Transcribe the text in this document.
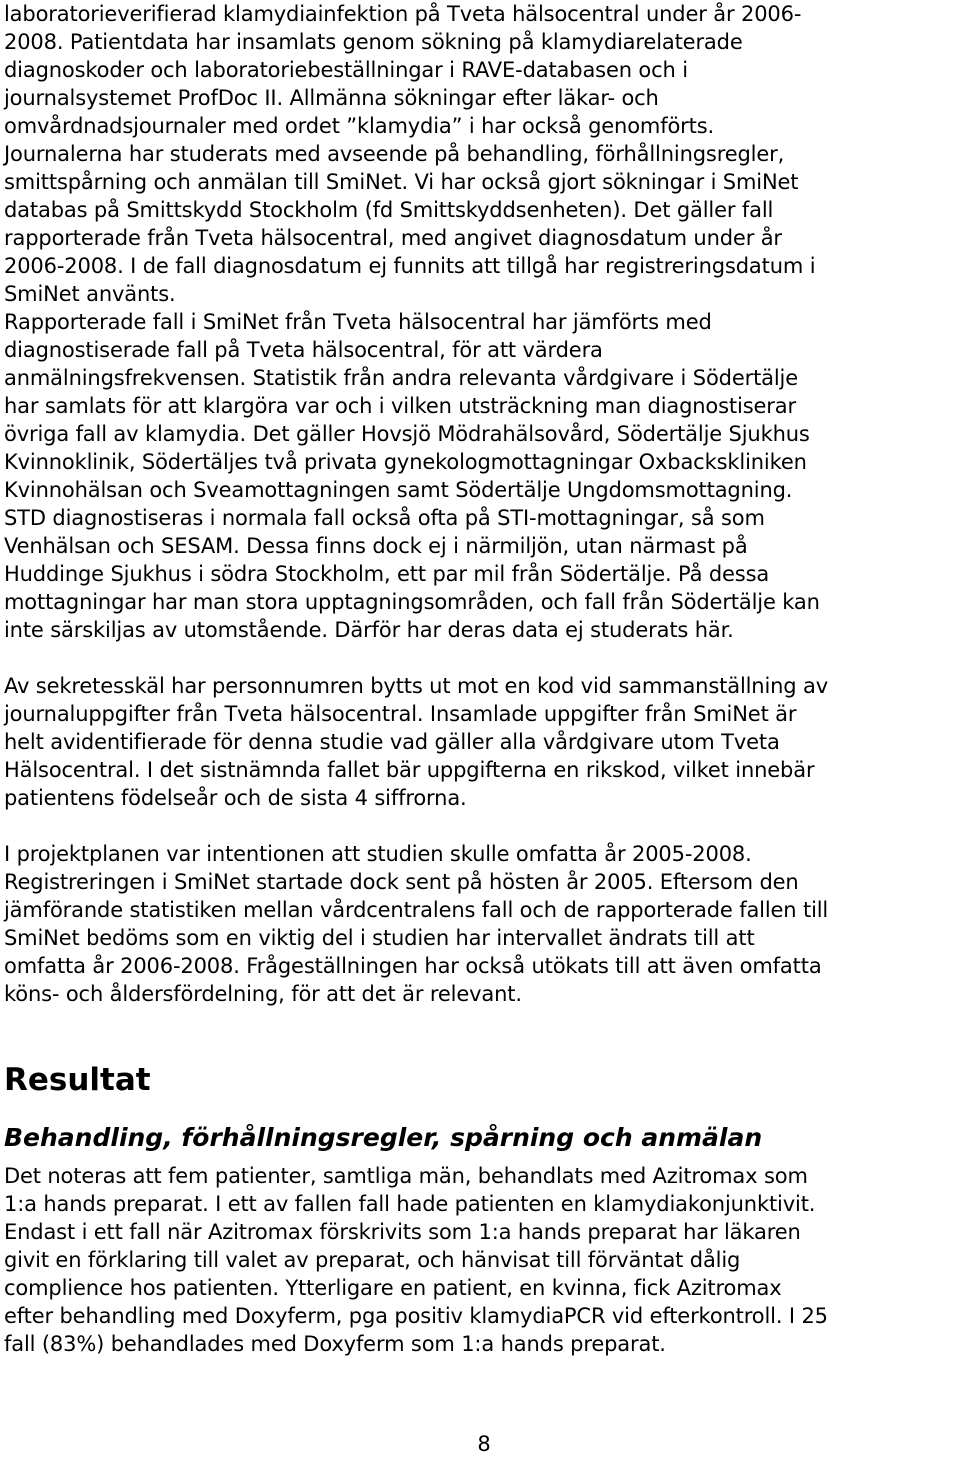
laboratorieverifierad klamydiainfektion på Tveta hälsocentral under år 2006-
2008. Patientdata har insamlats genom sökning på klamydiarelaterade
diagnoskoder och laboratoriebeställningar i RAVE-databasen och i
journalsystemet ProfDoc II. Allmänna sökningar efter läkar- och
omvårdnadsjournaler med ordet ”klamydia” i har också genomförts.
Journalerna har studerats med avseende på behandling, förhållningsregler,
smittspårning och anmälan till SmiNet. Vi har också gjort sökningar i SmiNet
databas på Smittskydd Stockholm (fd Smittskyddsenheten). Det gäller fall
rapporterade från Tveta hälsocentral, med angivet diagnosdatum under år
2006-2008. I de fall diagnosdatum ej funnits att tillgå har registreringsdatum i
SmiNet använts.

Rapporterade fall i SmiNet från Tveta hälsocentral har jämförts med
diagnostiserade fall på Tveta hälsocentral, för att värdera
anmälningsfrekvensen. Statistik från andra relevanta vårdgivare i Södertälje
har samlats för att klargöra var och i vilken utsträckning man diagnostiserar
övriga fall av klamydia. Det gäller Hovsjö Mödrahälsovård, Södertälje Sjukhus
Kvinnoklinik, Södertäljes två privata gynekologmottagningar Oxbackskliniken
Kvinnohälsan och Sveamottagningen samt Södertälje Ungdomsmottagning.
STD diagnostiseras i normala fall också ofta på STI-mottagningar, så som
Venhälsan och SESAM. Dessa finns dock ej i närmiljön, utan närmast på
Huddinge Sjukhus i södra Stockholm, ett par mil från Södertälje. På dessa
mottagningar har man stora upptagningsområden, och fall från Södertälje kan
inte särskiljas av utomstående. Därför har deras data ej studerats här.

Av sekretesskäl har personnumren bytts ut mot en kod vid sammanställning av
journaluppgifter från Tveta hälsocentral. Insamlade uppgifter från SmiNet är
helt avidentifierade för denna studie vad gäller alla vårdgivare utom Tveta
Hälsocentral. I det sistnämnda fallet bär uppgifterna en rikskod, vilket innebär
patientens födelseår och de sista 4 siffrorna.

I projektplanen var intentionen att studien skulle omfatta år 2005-2008.
Registreringen i SmiNet startade dock sent på hösten år 2005. Eftersom den
jämförande statistiken mellan vårdcentralens fall och de rapporterade fallen till
SmiNet bedöms som en viktig del i studien har intervallet ändrats till att
omfatta år 2006-2008. Frågeställningen har också utökats till att även omfatta
köns- och åldersfördelning, för att det är relevant.

Resultat
Behandling, förhållningsregler, spårning och anmälan

Det noteras att fem patienter, samtliga män, behandlats med Azitromax som
1:a hands preparat. I ett av fallen fall hade patienten en klamydiakonjunktivit.
Endast i ett fall när Azitromax förskrivits som 1:a hands preparat har läkaren
givit en förklaring till valet av preparat, och hänvisat till förväntat dålig
complience hos patienten. Ytterligare en patient, en kvinna, fick Azitromax
efter behandling med Doxyferm, pga positiv klamydiaPCR vid efterkontroll. I 25
fall (83%) behandlades med Doxyferm som 1:a hands preparat.

8
